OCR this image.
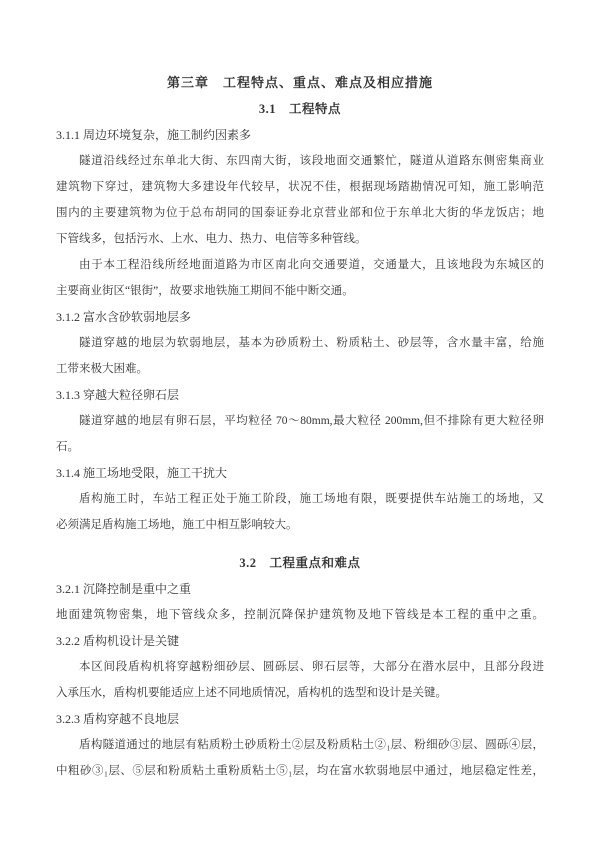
第三章　工程特点、重点、难点及相应措施
3.1　工程特点
3.1.1 周边环境复杂，施工制约因素多
隧道沿线经过东单北大街、东四南大街，该段地面交通繁忙，隧道从道路东侧密集商业
建筑物下穿过，建筑物大多建设年代较早，状况不佳，根据现场踏勘情况可知，施工影响范
围内的主要建筑物为位于总布胡同的国泰证券北京营业部和位于东单北大街的华龙饭店；地
下管线多，包括污水、上水、电力、热力、电信等多种管线。
由于本工程沿线所经地面道路为市区南北向交通要道，交通量大，且该地段为东城区的
主要商业街区“银街”，故要求地铁施工期间不能中断交通。
3.1.2 富水含砂软弱地层多
隧道穿越的地层为软弱地层，基本为砂质粉土、粉质粘土、砂层等，含水量丰富，给施
工带来极大困难。
3.1.3 穿越大粒径卵石层
隧道穿越的地层有卵石层，平均粒径 70～80mm,最大粒径 200mm,但不排除有更大粒径卵
石。
3.1.4 施工场地受限，施工干扰大
盾构施工时，车站工程正处于施工阶段，施工场地有限，既要提供车站施工的场地，又
必须满足盾构施工场地，施工中相互影响较大。
3.2　工程重点和难点
3.2.1 沉降控制是重中之重
地面建筑物密集，地下管线众多，控制沉降保护建筑物及地下管线是本工程的重中之重。
3.2.2 盾构机设计是关键
本区间段盾构机将穿越粉细砂层、圆砾层、卵石层等，大部分在潜水层中，且部分段进
入承压水，盾构机要能适应上述不同地质情况，盾构机的选型和设计是关键。
3.2.3 盾构穿越不良地层
盾构隧道通过的地层有粘质粉土砂质粉土②层及粉质粘土②₁层、粉细砂③层、圆砾④层，
中粗砂③₁层、⑤层和粉质粘土重粉质粘土⑤₁层，均在富水软弱地层中通过，地层稳定性差，
